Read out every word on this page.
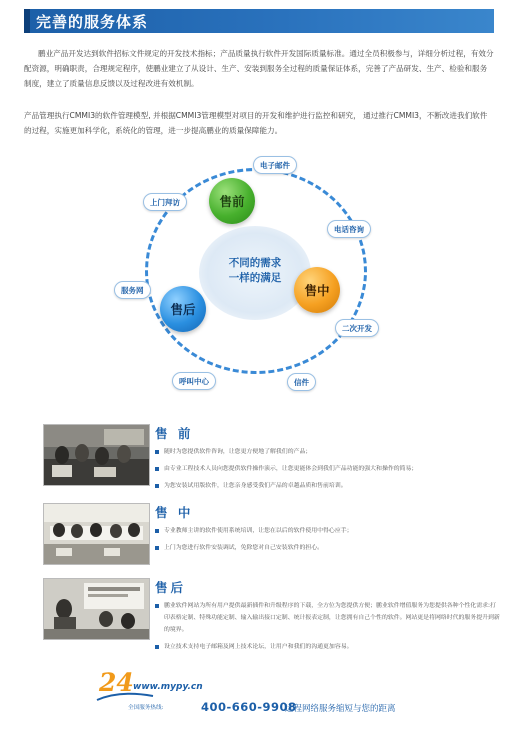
完善的服务体系
鹏业产品开发达到软件招标文件规定的开发技术指标；产品质量执行软件开发国际质量标准。通过全员积极参与，详细分析过程，有效分配资源，明确职责，合理规定程序，使鹏业建立了从设计、生产、安装到服务全过程的质量保证体系，完善了产品研发、生产、检验和服务制度，建立了质量信息反馈以及过程改进有效机制。
产品管理执行CMMI3的软件管理模型, 并根据CMMI3管理模型对项目的开发和维护进行监控和研究， 通过推行CMMI3，不断改进我们软件的过程，实施更加科学化，系统化的管理，进一步提高鹏业的质量保障能力。
不同的需求
一样的满足
售前
售中
售后
电子邮件
电话咨询
二次开发
信件
呼叫中心
服务网
上门拜访
售 前
随时为您提供软件咨询，让您更方便地了解我们的产品；
由专业工程技术人员向您提供软件操作演示，让您更能体会到我们产品功能的强大和操作的简易；
为您安装试用版软件，让您亲身感受我们产品的卓越品质和售前培训。
售 中
专业教师主讲的软件使用系统培训，让您在以后的软件使用中得心应手；
上门为您进行软件安装调试，免除您对自己安装软件的担心。
售后
鹏业软件网站为所有用户提供最新插件和升级程序的下载，全方位为您提供方便；鹏业软件增值服务为您提供各种个性化需求:打印表格定制、特殊功能定制、输入输出接口定制、统计报表定制，让您拥有自己个性的软件。网站更是将网络时代的服务提升到新的境界。
设立技术支持电子邮箱及网上技术论坛，让用户和我们的沟通更加容易。
24 www.mypy.cn
全国服务热线:	400-660-9908
远程网络服务缩短与您的距离
